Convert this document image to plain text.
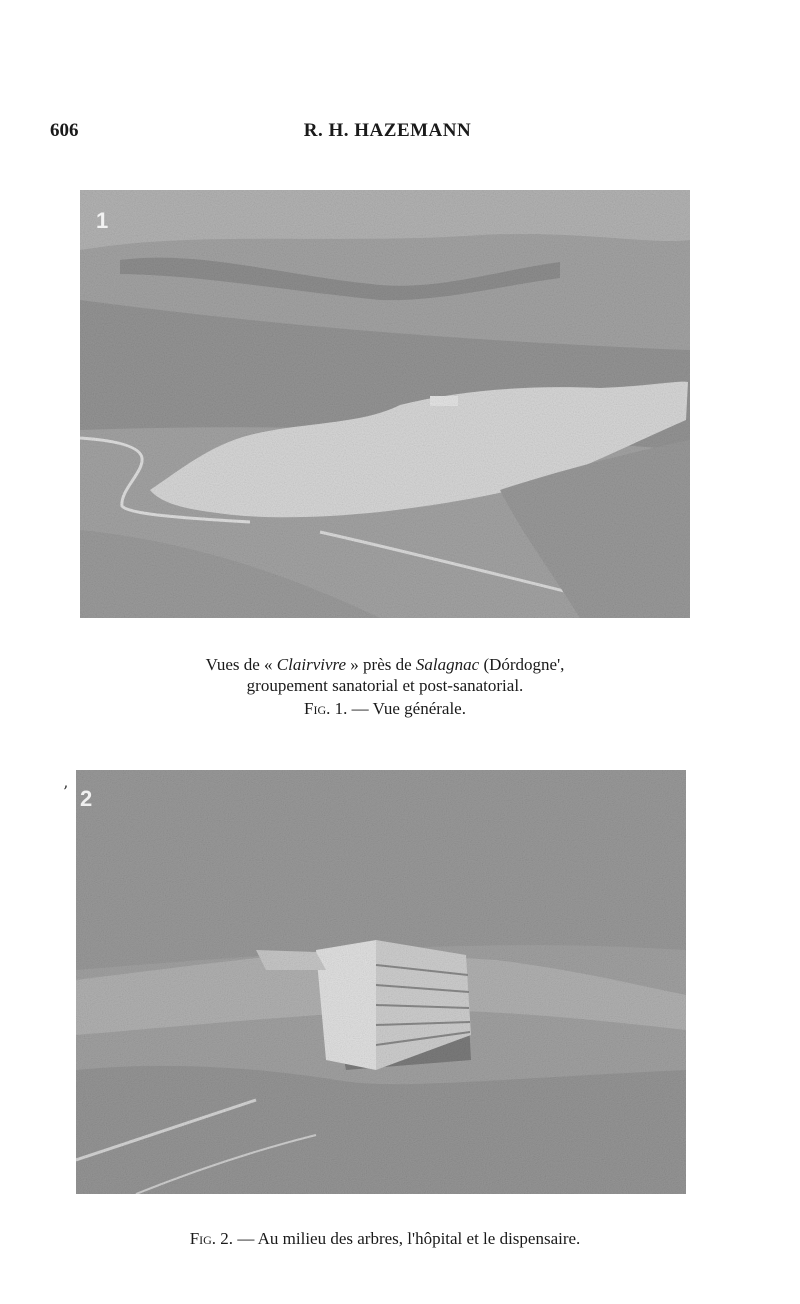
606	R. H. HAZEMANN
1
Vues de « Clairvivre » près de Salagnac (Dórdogne',
groupement sanatorial et post-sanatorial.
Fig. 1. — Vue générale.
’ 2
Fig. 2. — Au milieu des arbres, l'hôpital et le dispensaire.
